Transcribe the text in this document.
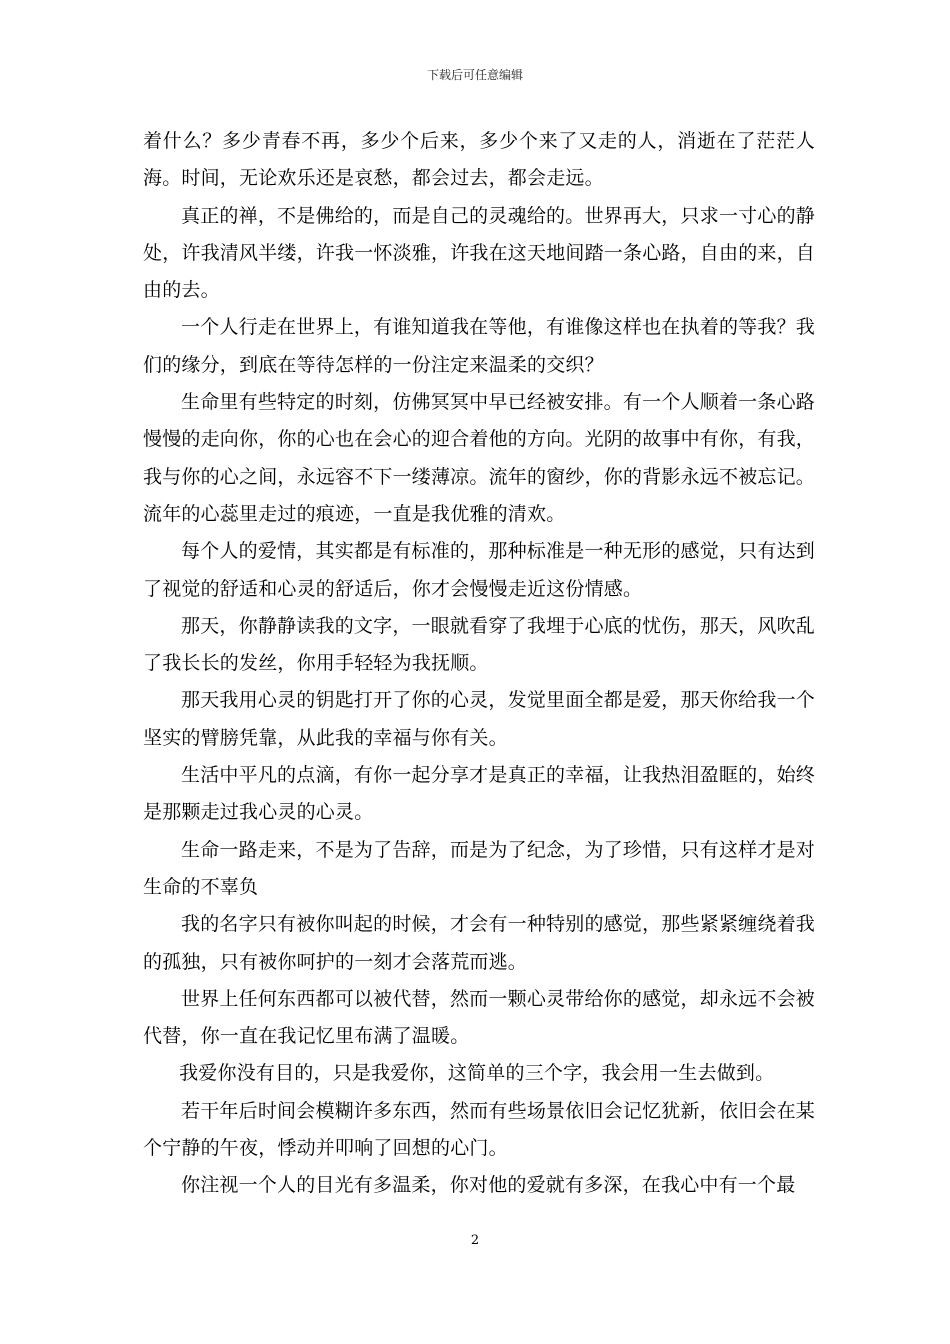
下载后可任意编辑

着什么？多少青春不再，多少个后来，多少个来了又走的人，消逝在了茫茫人海。时间，无论欢乐还是哀愁，都会过去，都会走远。

真正的禅，不是佛给的，而是自己的灵魂给的。世界再大，只求一寸心的静处，许我清风半缕，许我一怀淡雅，许我在这天地间踏一条心路，自由的来，自由的去。

一个人行走在世界上，有谁知道我在等他，有谁像这样也在执着的等我？我们的缘分，到底在等待怎样的一份注定来温柔的交织？

生命里有些特定的时刻，仿佛冥冥中早已经被安排。有一个人顺着一条心路慢慢的走向你，你的心也在会心的迎合着他的方向。光阴的故事中有你，有我，我与你的心之间，永远容不下一缕薄凉。流年的窗纱，你的背影永远不被忘记。流年的心蕊里走过的痕迹，一直是我优雅的清欢。

每个人的爱情，其实都是有标准的，那种标准是一种无形的感觉，只有达到了视觉的舒适和心灵的舒适后，你才会慢慢走近这份情感。

那天，你静静读我的文字，一眼就看穿了我埋于心底的忧伤，那天，风吹乱了我长长的发丝，你用手轻轻为我抚顺。

那天我用心灵的钥匙打开了你的心灵，发觉里面全都是爱，那天你给我一个坚实的臂膀凭靠，从此我的幸福与你有关。

生活中平凡的点滴，有你一起分享才是真正的幸福，让我热泪盈眶的，始终是那颗走过我心灵的心灵。

生命一路走来，不是为了告辞，而是为了纪念，为了珍惜，只有这样才是对生命的不辜负

我的名字只有被你叫起的时候，才会有一种特别的感觉，那些紧紧缠绕着我的孤独，只有被你呵护的一刻才会落荒而逃。

世界上任何东西都可以被代替，然而一颗心灵带给你的感觉，却永远不会被代替，你一直在我记忆里布满了温暖。

我爱你没有目的，只是我爱你，这简单的三个字，我会用一生去做到。

若干年后时间会模糊许多东西，然而有些场景依旧会记忆犹新，依旧会在某个宁静的午夜，悸动并叩响了回想的心门。

你注视一个人的目光有多温柔，你对他的爱就有多深，在我心中有一个最

2
